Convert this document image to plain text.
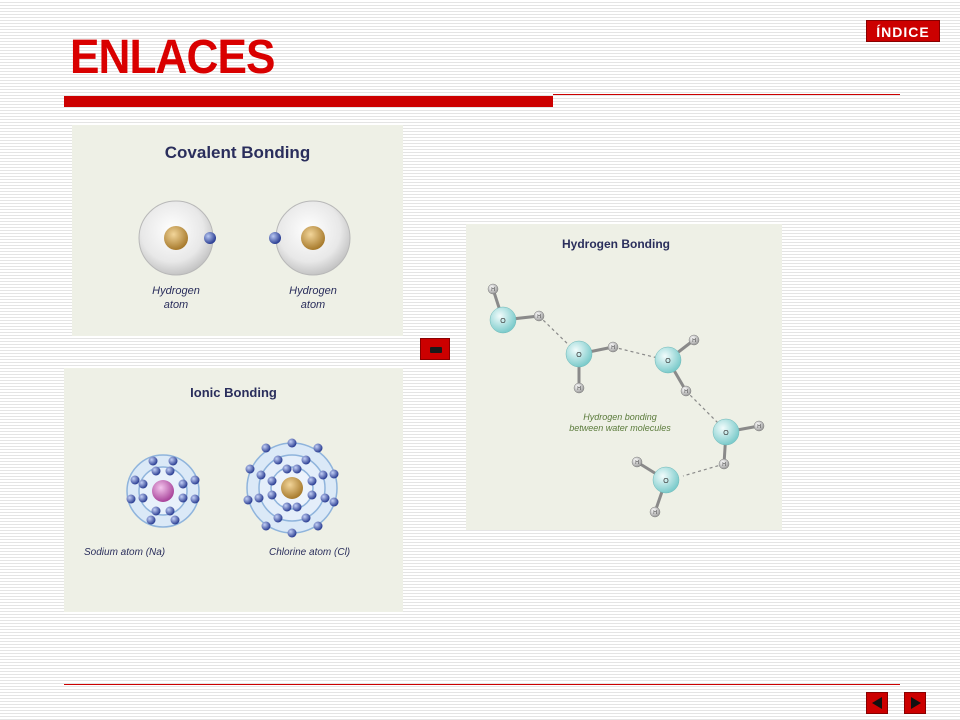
ENLACES	ÍNDICE
Covalent Bonding
Hydrogen
atom
Hydrogen
atom
Ionic Bonding
Sodium atom (Na)	Chlorine atom (Cl)
Hydrogen Bonding
O
O
O
O
O
H
H
H
H
H
H
H
H
H
H
Hydrogen bonding
between water molecules
